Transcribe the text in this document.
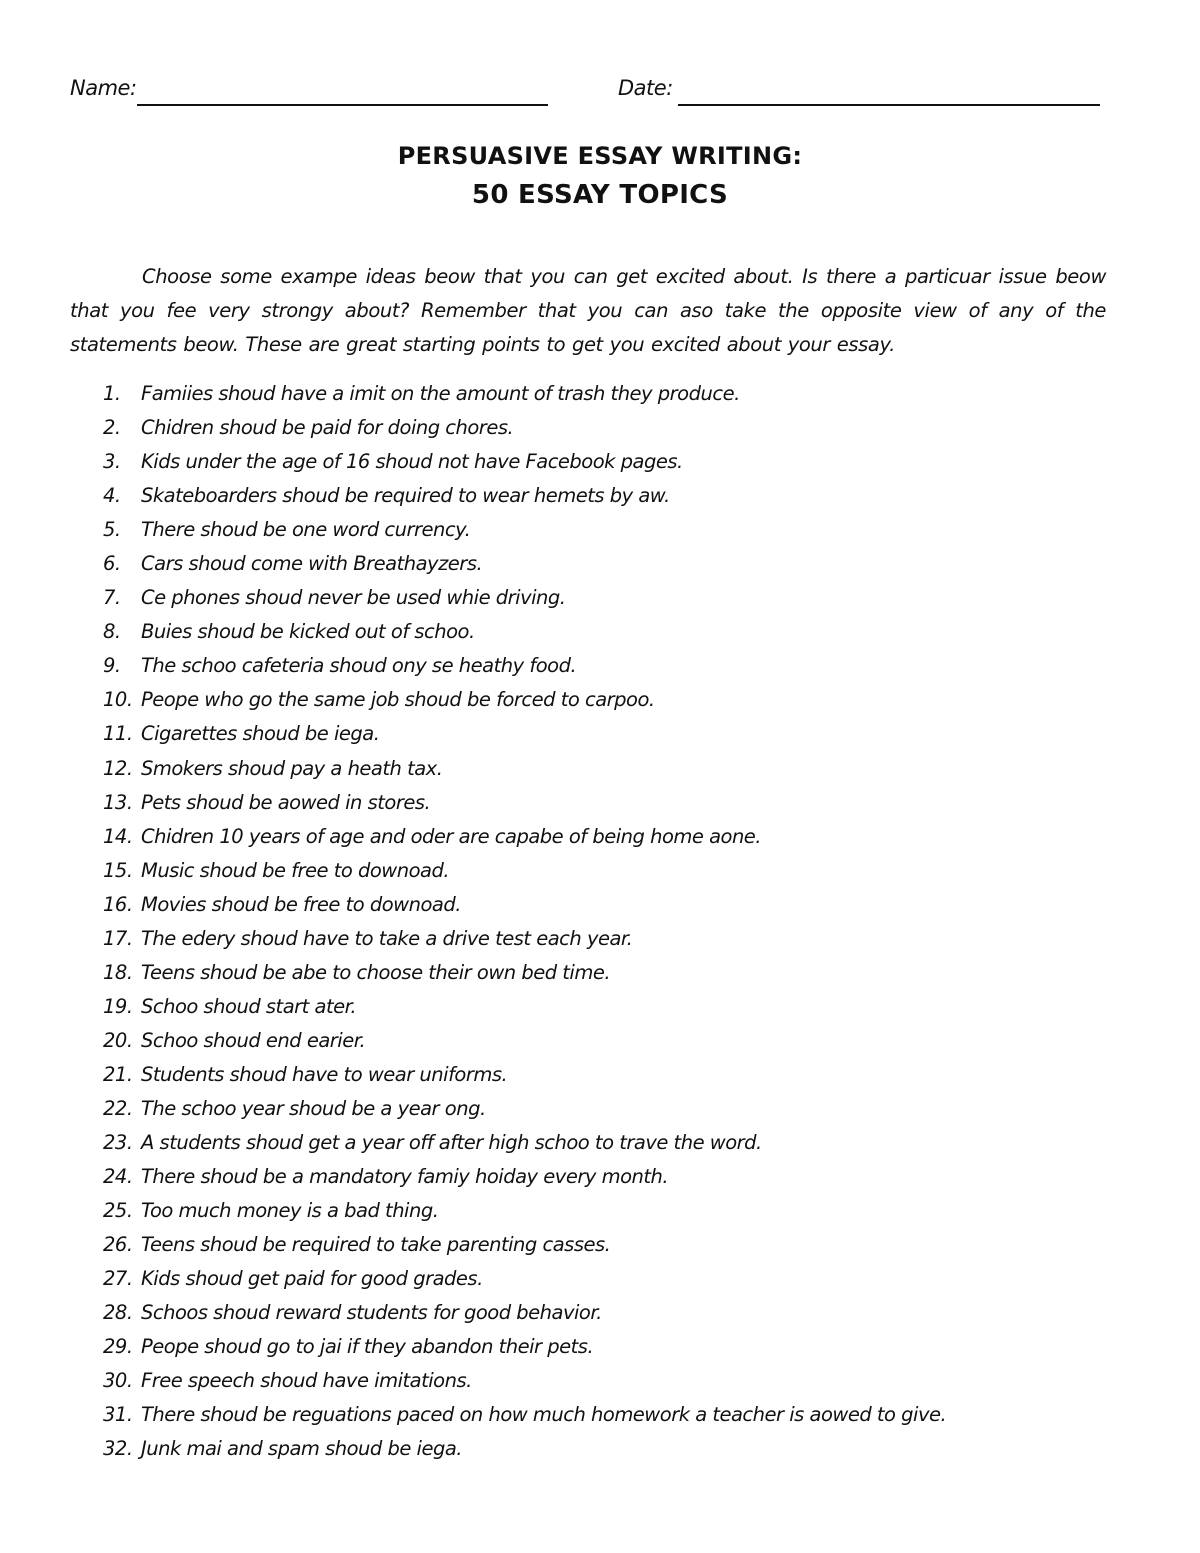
Name:	Date:
PERSUASIVE ESSAY WRITING:
50 ESSAY TOPICS

Choose some exampe ideas beow that you can get excited about. Is there a particuar issue beow that you fee very strongy about? Remember that you can aso take the opposite view of any of the statements beow. These are great starting points to get you excited about your essay.

1. Famiies shoud have a imit on the amount of trash they produce.
2. Chidren shoud be paid for doing chores.
3. Kids under the age of 16 shoud not have Facebook pages.
4. Skateboarders shoud be required to wear hemets by aw.
5. There shoud be one word currency.
6. Cars shoud come with Breathayzers.
7. Ce phones shoud never be used whie driving.
8. Buies shoud be kicked out of schoo.
9. The schoo cafeteria shoud ony se heathy food.
10. Peope who go the same job shoud be forced to carpoo.
11. Cigarettes shoud be iega.
12. Smokers shoud pay a heath tax.
13. Pets shoud be aowed in stores.
14. Chidren 10 years of age and oder are capabe of being home aone.
15. Music shoud be free to downoad.
16. Movies shoud be free to downoad.
17. The edery shoud have to take a drive test each year.
18. Teens shoud be abe to choose their own bed time.
19. Schoo shoud start ater.
20. Schoo shoud end earier.
21. Students shoud have to wear uniforms.
22. The schoo year shoud be a year ong.
23. A students shoud get a year off after high schoo to trave the word.
24. There shoud be a mandatory famiy hoiday every month.
25. Too much money is a bad thing.
26. Teens shoud be required to take parenting casses.
27. Kids shoud get paid for good grades.
28. Schoos shoud reward students for good behavior.
29. Peope shoud go to jai if they abandon their pets.
30. Free speech shoud have imitations.
31. There shoud be reguations paced on how much homework a teacher is aowed to give.
32. Junk mai and spam shoud be iega.
